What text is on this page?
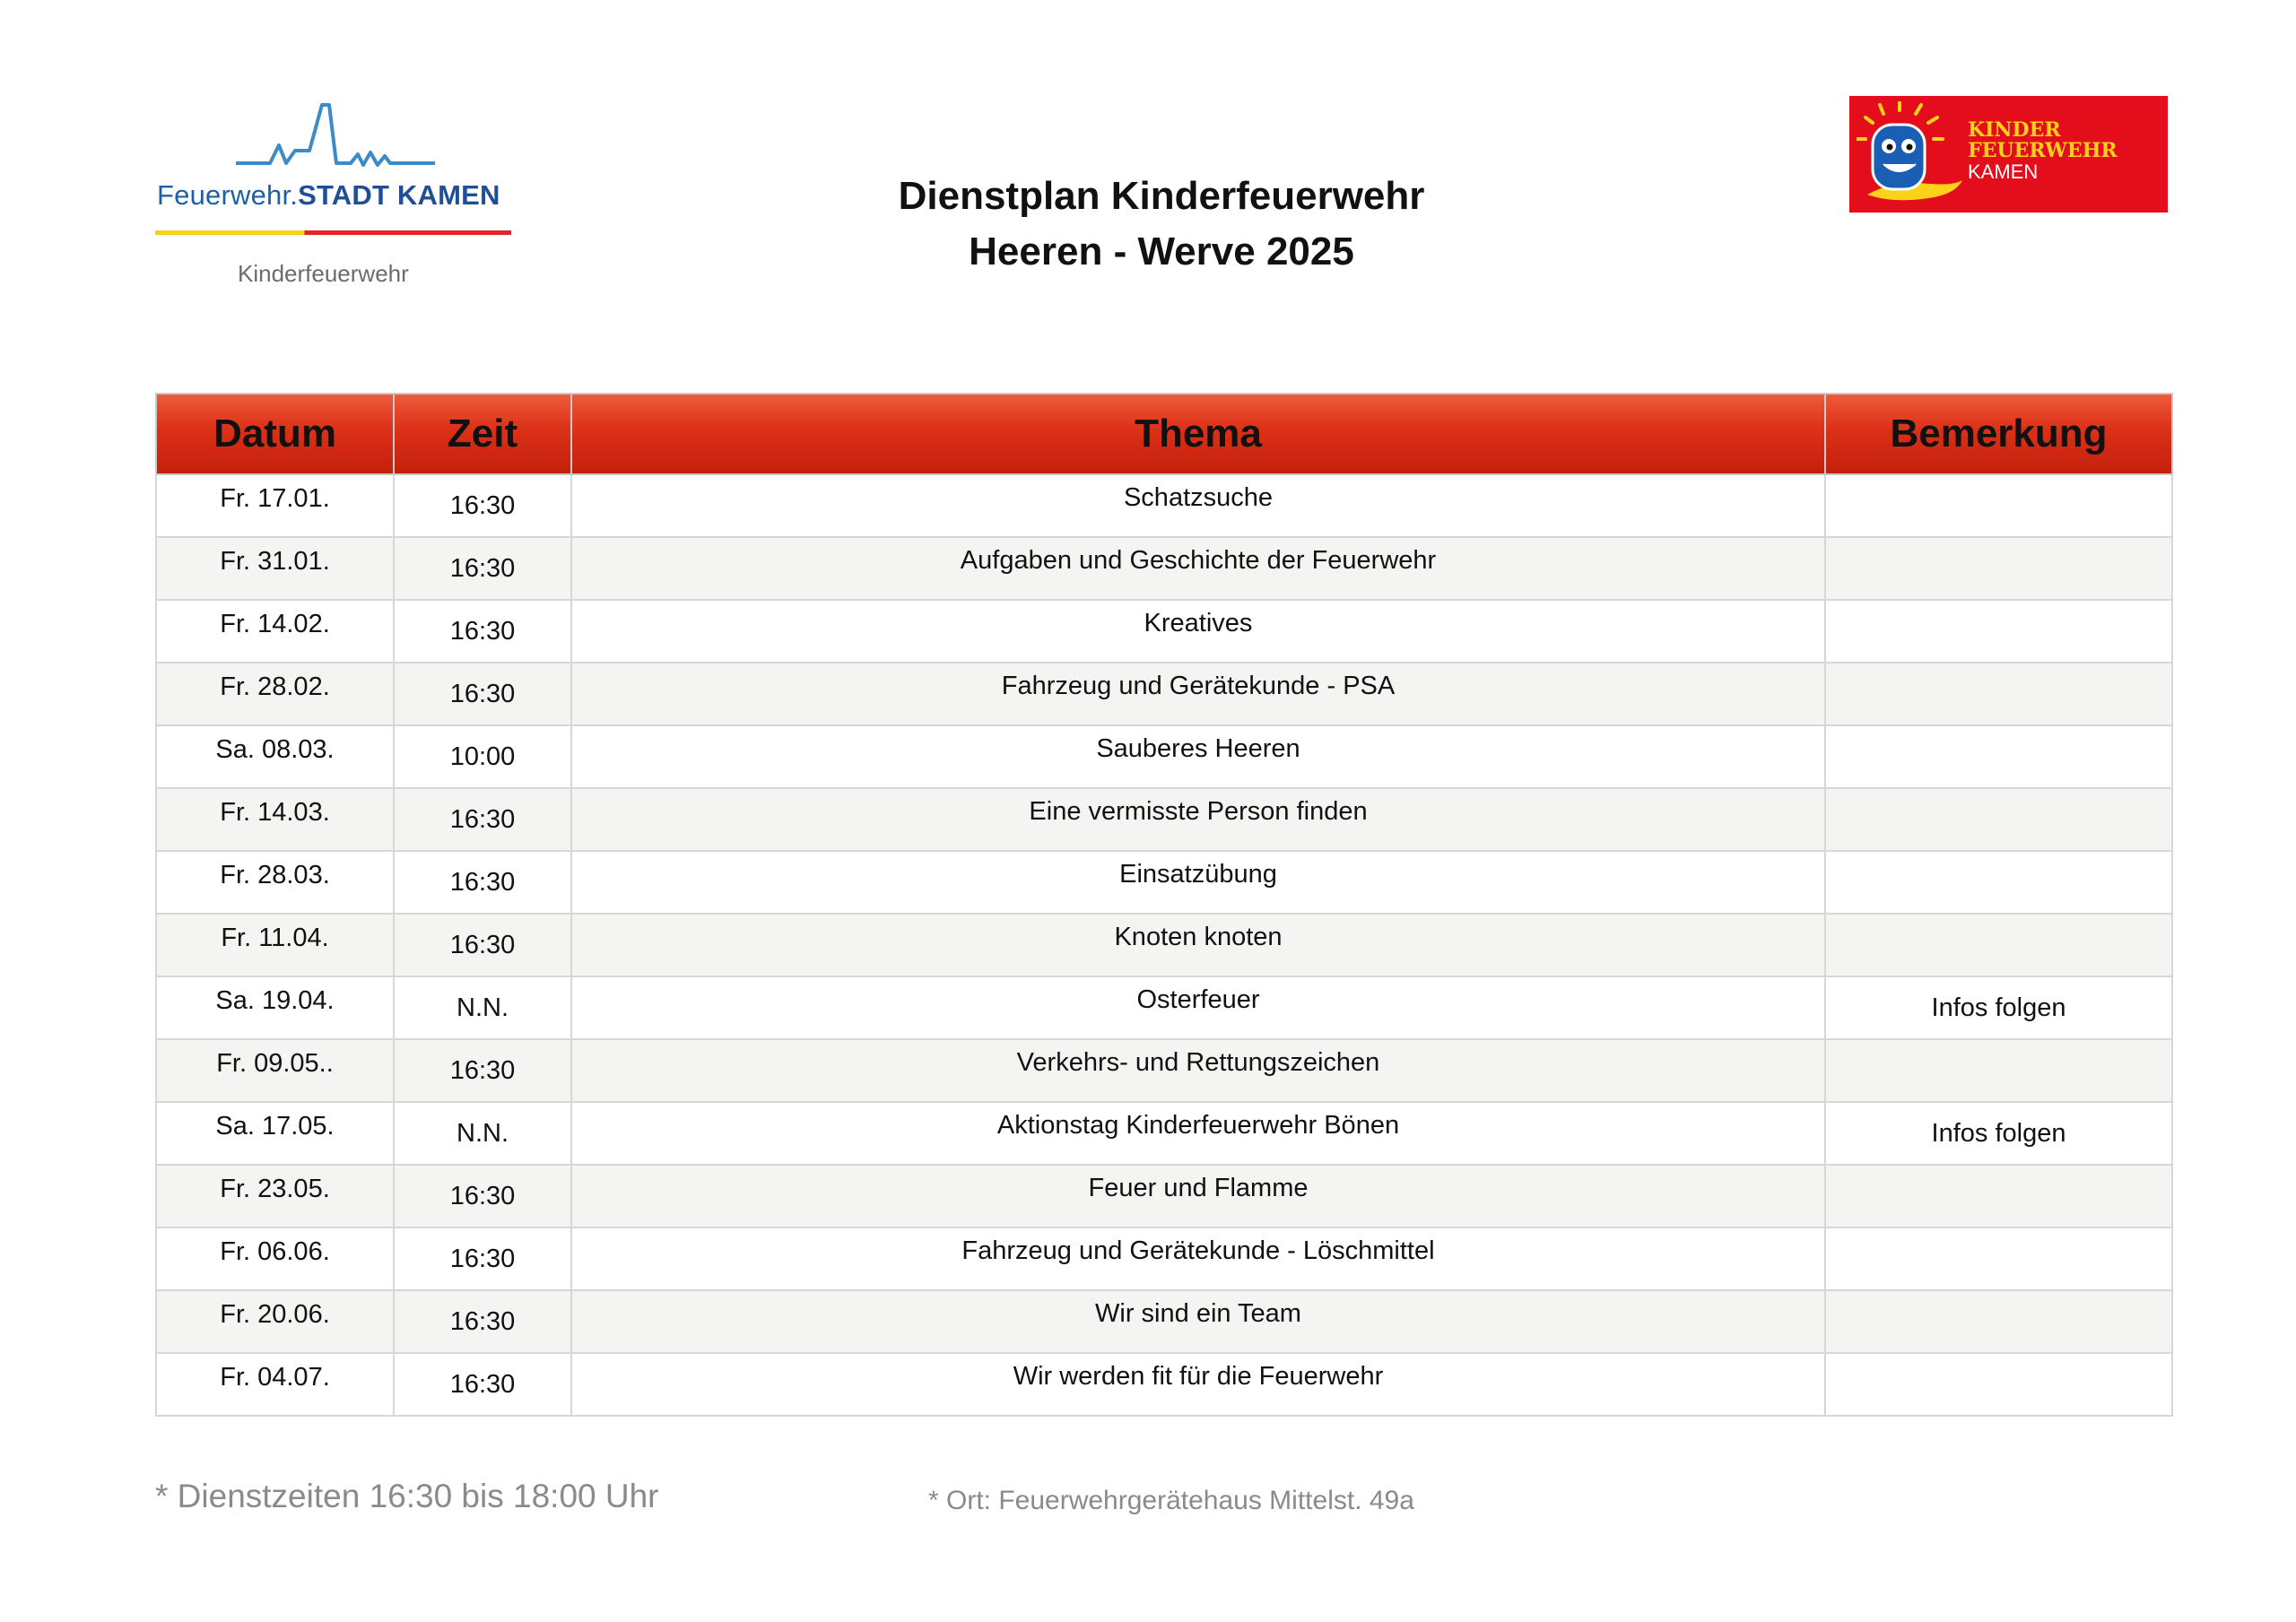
Feuerwehr.STADT KAMEN
Kinderfeuerwehr
Dienstplan Kinderfeuerwehr
Heeren - Werve 2025
KINDER
FEUERWEHR
KAMEN
Datum	Zeit	Thema	Bemerkung

Fr. 17.01.	16:30	Schatzsuche	

Fr. 31.01.	16:30	Aufgaben und Geschichte der Feuerwehr	

Fr. 14.02.	16:30	Kreatives	

Fr. 28.02.	16:30	Fahrzeug und Gerätekunde - PSA	

Sa. 08.03.	10:00	Sauberes Heeren	

Fr. 14.03.	16:30	Eine vermisste Person finden	

Fr. 28.03.	16:30	Einsatzübung	

Fr. 11.04.	16:30	Knoten knoten	

Sa. 19.04.	N.N.	Osterfeuer	Infos folgen

Fr. 09.05..	16:30	Verkehrs- und Rettungszeichen	

Sa. 17.05.	N.N.	Aktionstag Kinderfeuerwehr Bönen	Infos folgen

Fr. 23.05.	16:30	Feuer und Flamme	

Fr. 06.06.	16:30	Fahrzeug und Gerätekunde - Löschmittel	

Fr. 20.06.	16:30	Wir sind ein Team	

Fr. 04.07.	16:30	Wir werden fit für die Feuerwehr	

* Dienstzeiten 16:30 bis 18:00 Uhr	* Ort: Feuerwehrgerätehaus Mittelst. 49a
